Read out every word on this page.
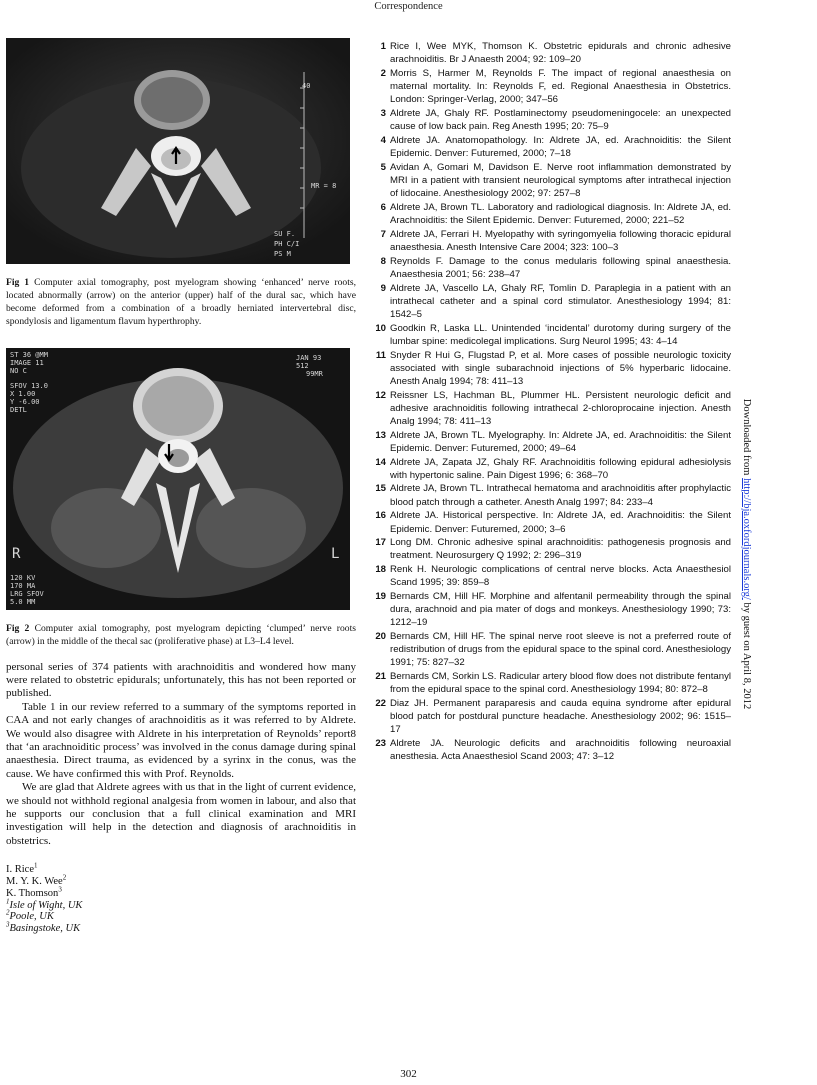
Correspondence
40
MR = 8
SU F.
PH C/I
PS M

Fig 1 Computer axial tomography, post myelogram showing ‘enhanced’ nerve roots, located abnormally (arrow) on the anterior (upper) half of the dural sac, which have become deformed from a combination of a broadly herniated intervertebral disc, spondylosis and ligamentum flavum hyperthrophy.

ST 36 @MM
IMAGE 11
NO C
JAN 93
512
99MR
SFOV 13.0
X 1.00
Y -6.00
DETL
R	L
120 KV
170 MA
LRG SFOV
5.0 MM

Fig 2 Computer axial tomography, post myelogram depicting ‘clumped’ nerve roots (arrow) in the middle of the thecal sac (proliferative phase) at L3–L4 level.

personal series of 374 patients with arachnoiditis and wondered how many were related to obstetric epidurals; unfortunately, this has not been reported or published.

Table 1 in our review referred to a summary of the symptoms reported in CAA and not early changes of arachnoiditis as it was referred to by Aldrete. We would also disagree with Aldrete in his interpretation of Reynolds’ report8 that ‘an arachnoiditic process’ was involved in the conus damage during spinal anaesthesia. Direct trauma, as evidenced by a syrinx in the conus, was the cause. We have confirmed this with Prof. Reynolds.

We are glad that Aldrete agrees with us that in the light of current evidence, we should not withhold regional analgesia from women in labour, and also that he supports our conclusion that a full clinical examination and MRI investigation will help in the detection and diagnosis of arachnoiditis in obstetrics.

I. Rice$^1$
M. Y. K. Wee$^2$
K. Thomson$^3$
$^1$Isle of Wight, UK
$^2$Poole, UK
$^3$Basingstoke, UK
1 Rice I, Wee MYK, Thomson K. Obstetric epidurals and chronic adhesive arachnoiditis. Br J Anaesth 2004; 92: 109–20
2 Morris S, Harmer M, Reynolds F. The impact of regional anaesthesia on maternal mortality. In: Reynolds F, ed. Regional Anaesthesia in Obstetrics. London: Springer-Verlag, 2000; 347–56
3 Aldrete JA, Ghaly RF. Postlaminectomy pseudomeningocele: an unexpected cause of low back pain. Reg Anesth 1995; 20: 75–9
4 Aldrete JA. Anatomopathology. In: Aldrete JA, ed. Arachnoiditis: the Silent Epidemic. Denver: Futuremed, 2000; 7–18
5 Avidan A, Gomari M, Davidson E. Nerve root inflammation demonstrated by MRI in a patient with transient neurological symptoms after intrathecal injection of lidocaine. Anesthesiology 2002; 97: 257–8
6 Aldrete JA, Brown TL. Laboratory and radiological diagnosis. In: Aldrete JA, ed. Arachnoiditis: the Silent Epidemic. Denver: Futuremed, 2000; 221–52
7 Aldrete JA, Ferrari H. Myelopathy with syringomyelia following thoracic epidural anaesthesia. Anesth Intensive Care 2004; 323: 100–3
8 Reynolds F. Damage to the conus medularis following spinal anaesthesia. Anaesthesia 2001; 56: 238–47
9 Aldrete JA, Vascello LA, Ghaly RF, Tomlin D. Paraplegia in a patient with an intrathecal catheter and a spinal cord stimulator. Anesthesiology 1994; 81: 1542–5
10 Goodkin R, Laska LL. Unintended ‘incidental’ durotomy during surgery of the lumbar spine: medicolegal implications. Surg Neurol 1995; 43: 4–14
11 Snyder R Hui G, Flugstad P, et al. More cases of possible neurologic toxicity associated with single subarachnoid injections of 5% hyperbaric lidocaine. Anesth Analg 1994; 78: 411–13
12 Reissner LS, Hachman BL, Plummer HL. Persistent neurologic deficit and adhesive arachnoiditis following intrathecal 2-chloroprocaine injection. Anesth Analg 1994; 78: 411–13
13 Aldrete JA, Brown TL. Myelography. In: Aldrete JA, ed. Arachnoiditis: the Silent Epidemic. Denver: Futuremed, 2000; 49–64
14 Aldrete JA, Zapata JZ, Ghaly RF. Arachnoiditis following epidural adhesiolysis with hypertonic saline. Pain Digest 1996; 6: 368–70
15 Aldrete JA, Brown TL. Intrathecal hematoma and arachnoiditis after prophylactic blood patch through a catheter. Anesth Analg 1997; 84: 233–4
16 Aldrete JA. Historical perspective. In: Aldrete JA, ed. Arachnoiditis: the Silent Epidemic. Denver: Futuremed, 2000; 3–6
17 Long DM. Chronic adhesive spinal arachnoiditis: pathogenesis prognosis and treatment. Neurosurgery Q 1992; 2: 296–319
18 Renk H. Neurologic complications of central nerve blocks. Acta Anaesthesiol Scand 1995; 39: 859–8
19 Bernards CM, Hill HF. Morphine and alfentanil permeability through the spinal dura, arachnoid and pia mater of dogs and monkeys. Anesthesiology 1990; 73: 1212–19
20 Bernards CM, Hill HF. The spinal nerve root sleeve is not a preferred route of redistribution of drugs from the epidural space to the spinal cord. Anesthesiology 1991; 75: 827–32
21 Bernards CM, Sorkin LS. Radicular artery blood flow does not distribute fentanyl from the epidural space to the spinal cord. Anesthesiology 1994; 80: 872–8
22 Diaz JH. Permanent paraparesis and cauda equina syndrome after epidural blood patch for postdural puncture headache. Anesthesiology 2002; 96: 1515–17
23 Aldrete JA. Neurologic deficits and arachnoiditis following neuroaxial anesthesia. Acta Anaesthesiol Scand 2003; 47: 3–12
Downloaded from http://bja.oxfordjournals.org/ by guest on April 8, 2012
302
